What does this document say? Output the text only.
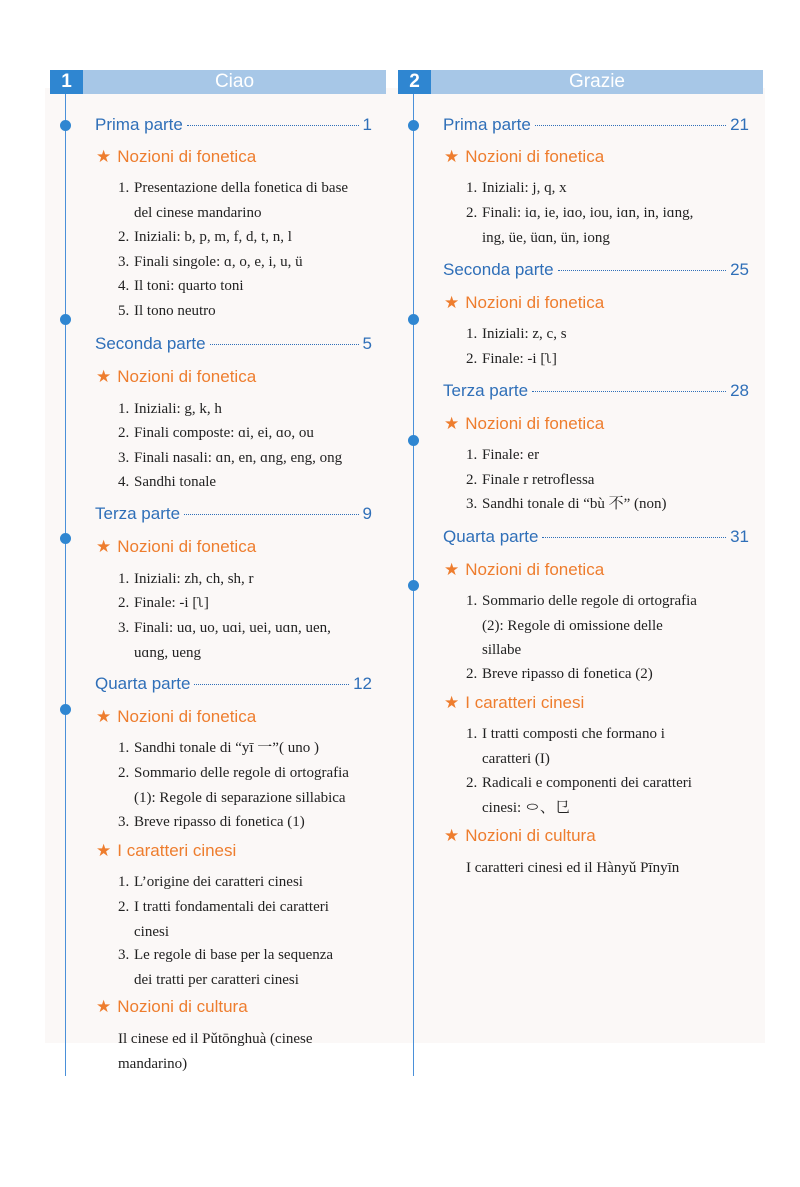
1	Ciao
Prima parte	1
★ Nozioni di fonetica
1. Presentazione della fonetica di base
del cinese mandarino
2. Iniziali: b, p, m, f, d, t, n, l
3. Finali singole: ɑ, o, e, i, u, ü
4. Il toni: quarto toni
5. Il tono neutro
Seconda parte	5
★ Nozioni di fonetica
1. Iniziali: g, k, h
2. Finali composte: ɑi, ei, ɑo, ou
3. Finali nasali: ɑn, en, ɑng, eng, ong
4. Sandhi tonale
Terza parte	9
★ Nozioni di fonetica
1. Iniziali: zh, ch, sh, r
2. Finale: -i [ʅ]
3. Finali: uɑ, uo, uɑi, uei, uɑn, uen,
uɑng, ueng
Quarta parte	12
★ Nozioni di fonetica
1. Sandhi tonale di “yī 一”( uno )
2. Sommario delle regole di ortografia
(1): Regole di separazione sillabica
3. Breve ripasso di fonetica (1)
★ I caratteri cinesi
1. L’origine dei caratteri cinesi
2. I tratti fondamentali dei caratteri
cinesi
3. Le regole di base per la sequenza
dei tratti per caratteri cinesi
★ Nozioni di cultura
Il cinese ed il Pǔtōnghuà (cinese
mandarino)
2	Grazie
Prima parte	21
★ Nozioni di fonetica
1. Iniziali: j, q, x
2. Finali: iɑ, ie, iɑo, iou, iɑn, in, iɑng,
ing, üe, üɑn, ün, iong
Seconda parte	25
★ Nozioni di fonetica
1. Iniziali: z, c, s
2. Finale: -i [ʅ]
Terza parte	28
★ Nozioni di fonetica
1. Finale: er
2. Finale r retroflessa
3. Sandhi tonale di “bù 不” (non)
Quarta parte	31
★ Nozioni di fonetica
1. Sommario delle regole di ortografia
(2): Regole di omissione delle
sillabe
2. Breve ripasso di fonetica (2)
★ I caratteri cinesi
1. I tratti composti che formano i
caratteri (I)
2. Radicali e componenti dei caratteri
cinesi: ㇣、㔾
★ Nozioni di cultura
I caratteri cinesi ed il Hànyǔ Pīnyīn
